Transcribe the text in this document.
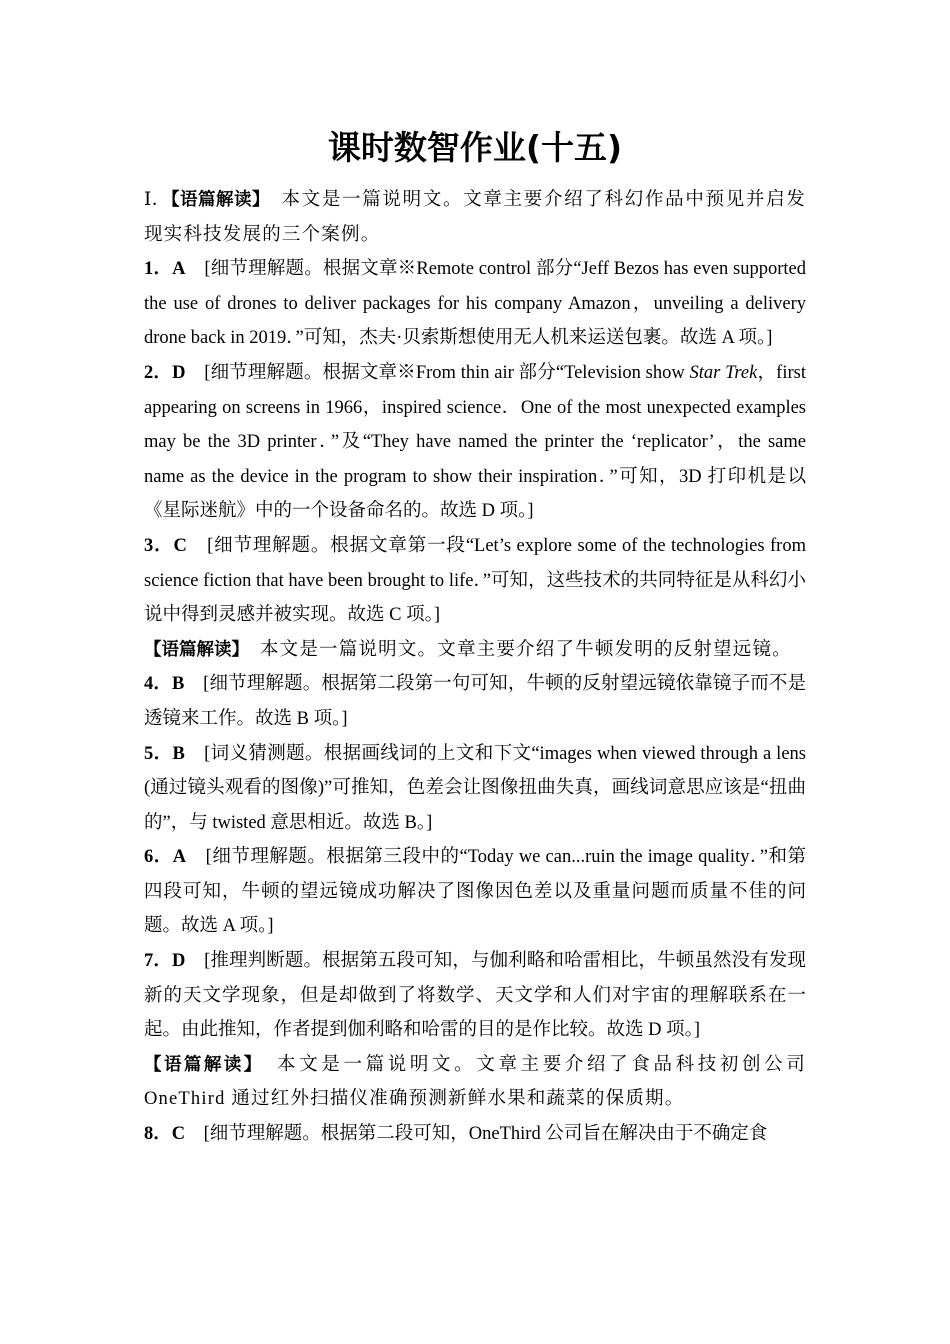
课时数智作业(十五)

Ⅰ．【语篇解读】　本文是一篇说明文。文章主要介绍了科幻作品中预见并启发现实科技发展的三个案例。

1．A　[细节理解题。根据文章※Remote control 部分“Jeff Bezos has even supported the use of drones to deliver packages for his company Amazon，unveiling a delivery drone back in 2019．”可知，杰夫·贝索斯想使用无人机来运送包裹。故选 A 项。]

2．D　[细节理解题。根据文章※From thin air 部分“Television show Star Trek，first appearing on screens in 1966，inspired science．One of the most unexpected examples may be the 3D printer．”及“They have named the printer the ‘replicator’，the same name as the device in the program to show their inspiration．”可知，3D 打印机是以《星际迷航》中的一个设备命名的。故选 D 项。]

3．C　[细节理解题。根据文章第一段“Let’s explore some of the technologies from science fiction that have been brought to life．”可知，这些技术的共同特征是从科幻小说中得到灵感并被实现。故选 C 项。]

【语篇解读】　本文是一篇说明文。文章主要介绍了牛顿发明的反射望远镜。

4．B　[细节理解题。根据第二段第一句可知，牛顿的反射望远镜依靠镜子而不是透镜来工作。故选 B 项。]

5．B　[词义猜测题。根据画线词的上文和下文“images when viewed through a lens (通过镜头观看的图像)”可推知，色差会让图像扭曲失真，画线词意思应该是“扭曲的”，与 twisted 意思相近。故选 B。]

6．A　[细节理解题。根据第三段中的“Today we can...ruin the image quality．”和第四段可知，牛顿的望远镜成功解决了图像因色差以及重量问题而质量不佳的问题。故选 A 项。]

7．D　[推理判断题。根据第五段可知，与伽利略和哈雷相比，牛顿虽然没有发现新的天文学现象，但是却做到了将数学、天文学和人们对宇宙的理解联系在一起。由此推知，作者提到伽利略和哈雷的目的是作比较。故选 D 项。]

【语篇解读】　本文是一篇说明文。文章主要介绍了食品科技初创公司 OneThird 通过红外扫描仪准确预测新鲜水果和蔬菜的保质期。

8．C　[细节理解题。根据第二段可知，OneThird 公司旨在解决由于不确定食
